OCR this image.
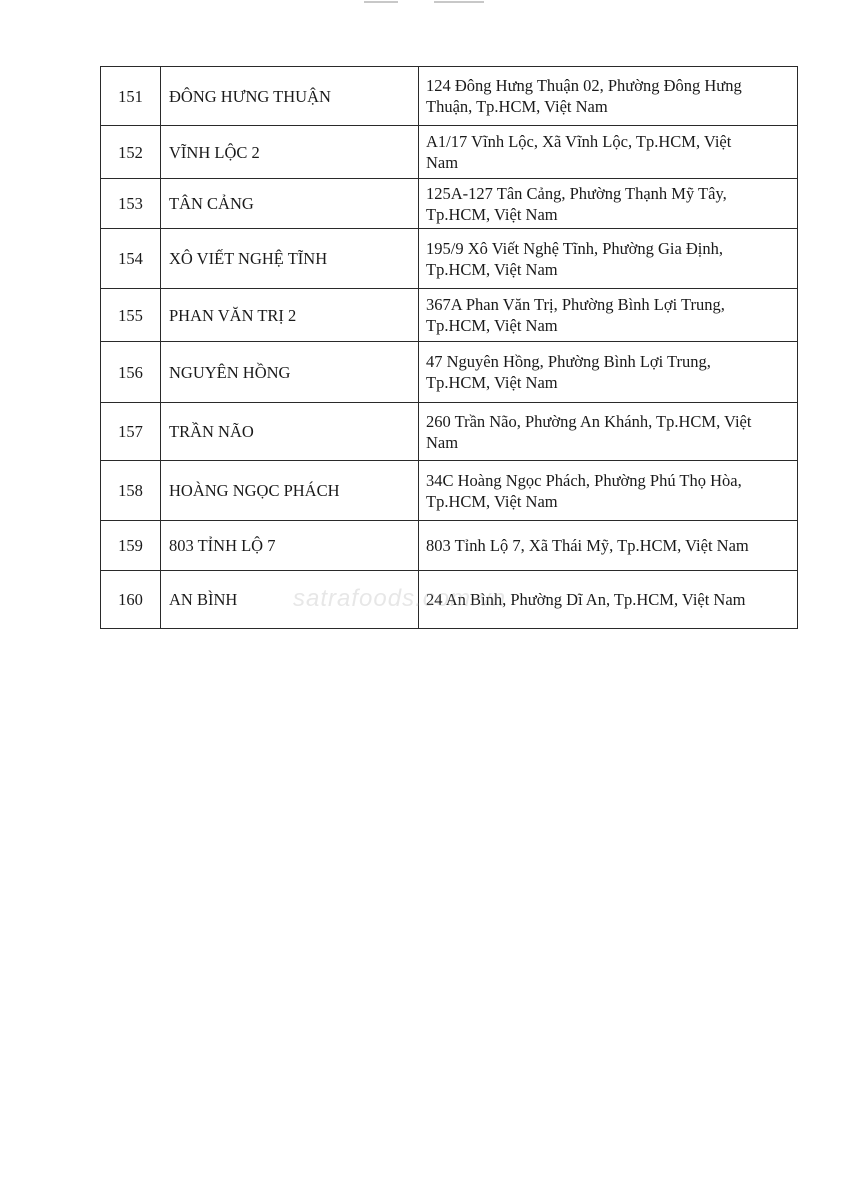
151	ĐÔNG HƯNG THUẬN	124 Đông Hưng Thuận 02, Phường Đông Hưng
Thuận, Tp.HCM, Việt Nam

152	VĨNH LỘC 2	A1/17 Vĩnh Lộc, Xã Vĩnh Lộc, Tp.HCM, Việt
Nam

153	TÂN CẢNG	125A-127 Tân Cảng, Phường Thạnh Mỹ Tây,
Tp.HCM, Việt Nam

154	XÔ VIẾT NGHỆ TĨNH	195/9 Xô Viết Nghệ Tĩnh, Phường Gia Định,
Tp.HCM, Việt Nam

155	PHAN VĂN TRỊ 2	367A Phan Văn Trị, Phường Bình Lợi Trung,
Tp.HCM, Việt Nam

156	NGUYÊN HỒNG	47 Nguyên Hồng, Phường Bình Lợi Trung,
Tp.HCM, Việt Nam

157	TRẦN NÃO	260 Trần Não, Phường An Khánh, Tp.HCM, Việt
Nam

158	HOÀNG NGỌC PHÁCH	34C Hoàng Ngọc Phách, Phường Phú Thọ Hòa,
Tp.HCM, Việt Nam

159	803 TỈNH LỘ 7	803 Tỉnh Lộ 7, Xã Thái Mỹ, Tp.HCM, Việt Nam

160	AN BÌNH	24 An Bình, Phường Dĩ An, Tp.HCM, Việt Nam
satrafoods.com.vn
